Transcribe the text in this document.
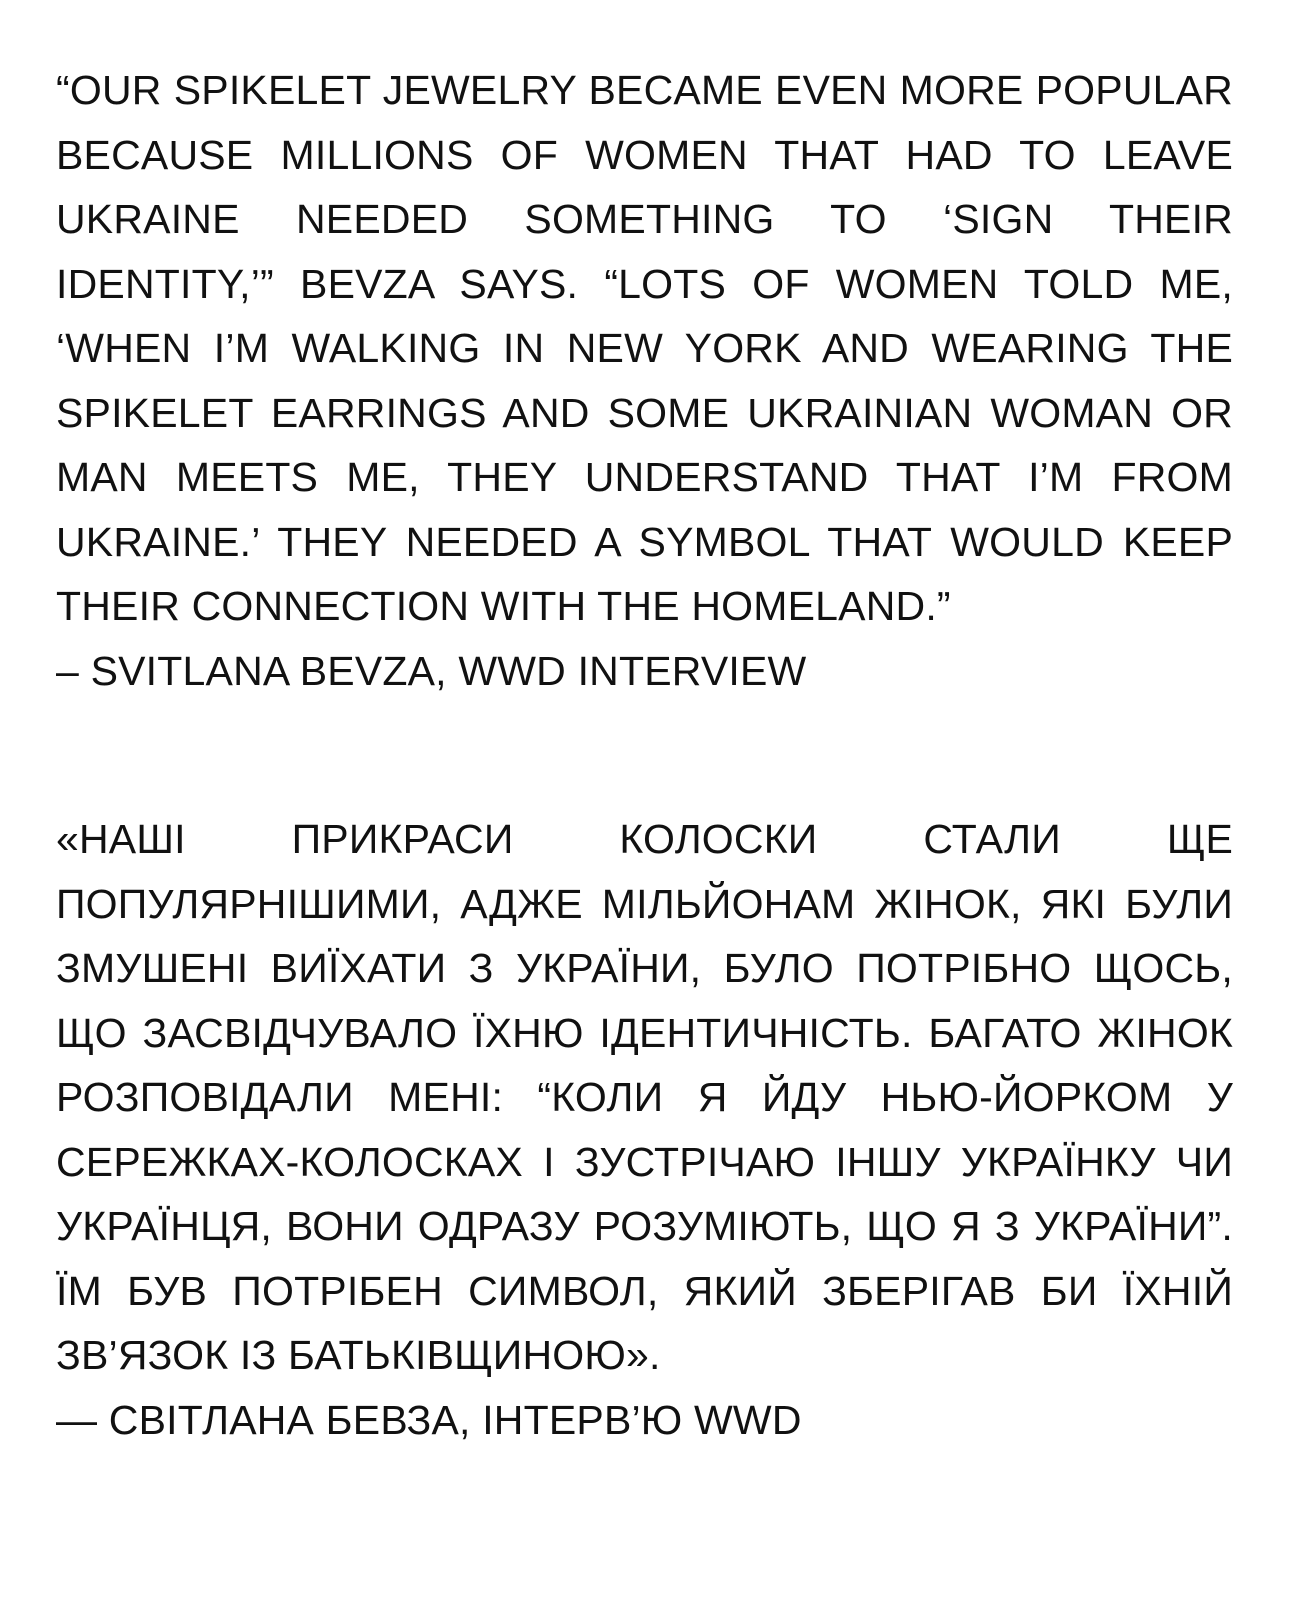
“OUR SPIKELET JEWELRY BECAME EVEN MORE POPULAR BECAUSE MILLIONS OF WOMEN THAT HAD TO LEAVE UKRAINE NEEDED SOMETHING TO ‘SIGN THEIR IDENTITY,’” BEVZA SAYS. “LOTS OF WOMEN TOLD ME, ‘WHEN I’M WALKING IN NEW YORK AND WEARING THE SPIKELET EARRINGS AND SOME UKRAINIAN WOMAN OR MAN MEETS ME, THEY UNDERSTAND THAT I’M FROM UKRAINE.’ THEY NEEDED A SYMBOL THAT WOULD KEEP THEIR CONNECTION WITH THE HOMELAND.”

– SVITLANA BEVZA, WWD INTERVIEW

«НАШІ ПРИКРАСИ КОЛОСКИ СТАЛИ ЩЕ ПОПУЛЯРНІШИМИ, АДЖЕ МІЛЬЙОНАМ ЖІНОК, ЯКІ БУЛИ ЗМУШЕНІ ВИЇХАТИ З УКРАЇНИ, БУЛО ПОТРІБНО ЩОСЬ, ЩО ЗАСВІДЧУВАЛО ЇХНЮ ІДЕНТИЧНІСТЬ. БАГАТО ЖІНОК РОЗПОВІДАЛИ МЕНІ: “КОЛИ Я ЙДУ НЬЮ-ЙОРКОМ У СЕРЕЖКАХ-КОЛОСКАХ І ЗУСТРІЧАЮ ІНШУ УКРАЇНКУ ЧИ УКРАЇНЦЯ, ВОНИ ОДРАЗУ РОЗУМІЮТЬ, ЩО Я З УКРАЇНИ”. ЇМ БУВ ПОТРІБЕН СИМВОЛ, ЯКИЙ ЗБЕРІГАВ БИ ЇХНІЙ ЗВ’ЯЗОК ІЗ БАТЬКІВЩИНОЮ».

— СВІТЛАНА БЕВЗА, ІНТЕРВ’Ю WWD
